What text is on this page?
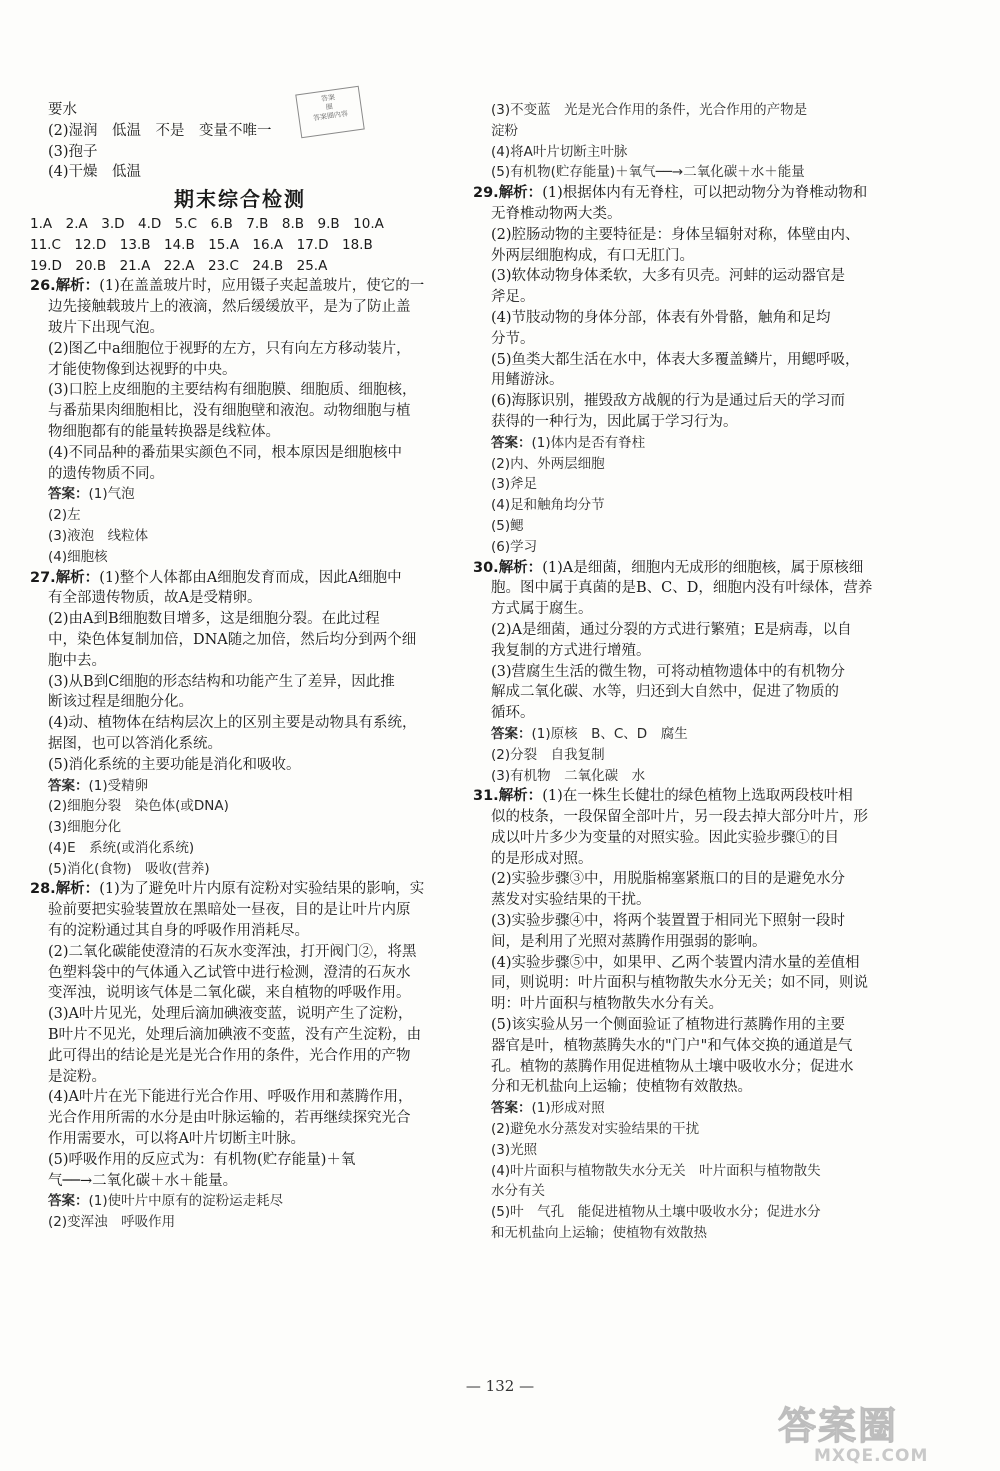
答案
圈
答案圈内容
要水
(2)湿润　低温　不是　变量不唯一
(3)孢子
(4)干燥　低温
期末综合检测
1.A　2.A　3.D　4.D　5.C　6.B　7.B　8.B　9.B　10.A
11.C　12.D　13.B　14.B　15.A　16.A　17.D　18.B
19.D　20.B　21.A　22.A　23.C　24.B　25.A
26.解析：(1)在盖盖玻片时，应用镊子夹起盖玻片，使它的一
边先接触载玻片上的液滴，然后缓缓放平，是为了防止盖
玻片下出现气泡。
(2)图乙中a细胞位于视野的左方，只有向左方移动装片，
才能使物像到达视野的中央。
(3)口腔上皮细胞的主要结构有细胞膜、细胞质、细胞核，
与番茄果肉细胞相比，没有细胞壁和液泡。动物细胞与植
物细胞都有的能量转换器是线粒体。
(4)不同品种的番茄果实颜色不同，根本原因是细胞核中
的遗传物质不同。
答案：(1)气泡
(2)左
(3)液泡　线粒体
(4)细胞核
27.解析：(1)整个人体都由A细胞发育而成，因此A细胞中
有全部遗传物质，故A是受精卵。
(2)由A到B细胞数目增多，这是细胞分裂。在此过程
中，染色体复制加倍，DNA随之加倍，然后均分到两个细
胞中去。
(3)从B到C细胞的形态结构和功能产生了差异，因此推
断该过程是细胞分化。
(4)动、植物体在结构层次上的区别主要是动物具有系统，
据图，也可以答消化系统。
(5)消化系统的主要功能是消化和吸收。
答案：(1)受精卵
(2)细胞分裂　染色体(或DNA)
(3)细胞分化
(4)E　系统(或消化系统)
(5)消化(食物)　吸收(营养)
28.解析：(1)为了避免叶片内原有淀粉对实验结果的影响，实
验前要把实验装置放在黑暗处一昼夜，目的是让叶片内原
有的淀粉通过其自身的呼吸作用消耗尽。
(2)二氧化碳能使澄清的石灰水变浑浊，打开阀门②，将黑
色塑料袋中的气体通入乙试管中进行检测，澄清的石灰水
变浑浊，说明该气体是二氧化碳，来自植物的呼吸作用。
(3)A叶片见光，处理后滴加碘液变蓝，说明产生了淀粉，
B叶片不见光，处理后滴加碘液不变蓝，没有产生淀粉，由
此可得出的结论是光是光合作用的条件，光合作用的产物
是淀粉。
(4)A叶片在光下能进行光合作用、呼吸作用和蒸腾作用，
光合作用所需的水分是由叶脉运输的，若再继续探究光合
作用需要水，可以将A叶片切断主叶脉。
(5)呼吸作用的反应式为：有机物(贮存能量)＋氧
气──→二氧化碳＋水＋能量。
答案：(1)使叶片中原有的淀粉运走耗尽
(2)变浑浊　呼吸作用
(3)不变蓝　光是光合作用的条件，光合作用的产物是
淀粉
(4)将A叶片切断主叶脉
(5)有机物(贮存能量)＋氧气──→二氧化碳＋水＋能量
29.解析：(1)根据体内有无脊柱，可以把动物分为脊椎动物和
无脊椎动物两大类。
(2)腔肠动物的主要特征是：身体呈辐射对称，体壁由内、
外两层细胞构成，有口无肛门。
(3)软体动物身体柔软，大多有贝壳。河蚌的运动器官是
斧足。
(4)节肢动物的身体分部，体表有外骨骼，触角和足均
分节。
(5)鱼类大都生活在水中，体表大多覆盖鳞片，用鳃呼吸，
用鳍游泳。
(6)海豚识别，摧毁敌方战舰的行为是通过后天的学习而
获得的一种行为，因此属于学习行为。
答案：(1)体内是否有脊柱
(2)内、外两层细胞
(3)斧足
(4)足和触角均分节
(5)鳃
(6)学习
30.解析：(1)A是细菌，细胞内无成形的细胞核，属于原核细
胞。图中属于真菌的是B、C、D，细胞内没有叶绿体，营养
方式属于腐生。
(2)A是细菌，通过分裂的方式进行繁殖；E是病毒，以自
我复制的方式进行增殖。
(3)营腐生生活的微生物，可将动植物遗体中的有机物分
解成二氧化碳、水等，归还到大自然中，促进了物质的
循环。
答案：(1)原核　B、C、D　腐生
(2)分裂　自我复制
(3)有机物　二氧化碳　水
31.解析：(1)在一株生长健壮的绿色植物上选取两段枝叶相
似的枝条，一段保留全部叶片，另一段去掉大部分叶片，形
成以叶片多少为变量的对照实验。因此实验步骤①的目
的是形成对照。
(2)实验步骤③中，用脱脂棉塞紧瓶口的目的是避免水分
蒸发对实验结果的干扰。
(3)实验步骤④中，将两个装置置于相同光下照射一段时
间，是利用了光照对蒸腾作用强弱的影响。
(4)实验步骤⑤中，如果甲、乙两个装置内清水量的差值相
同，则说明：叶片面积与植物散失水分无关；如不同，则说
明：叶片面积与植物散失水分有关。
(5)该实验从另一个侧面验证了植物进行蒸腾作用的主要
器官是叶，植物蒸腾失水的"门户"和气体交换的通道是气
孔。植物的蒸腾作用促进植物从土壤中吸收水分；促进水
分和无机盐向上运输；使植物有效散热。
答案：(1)形成对照
(2)避免水分蒸发对实验结果的干扰
(3)光照
(4)叶片面积与植物散失水分无关　叶片面积与植物散失
水分有关
(5)叶　气孔　能促进植物从土壤中吸收水分；促进水分
和无机盐向上运输；使植物有效散热
— 132 —
答案圈
MXQE.COM
